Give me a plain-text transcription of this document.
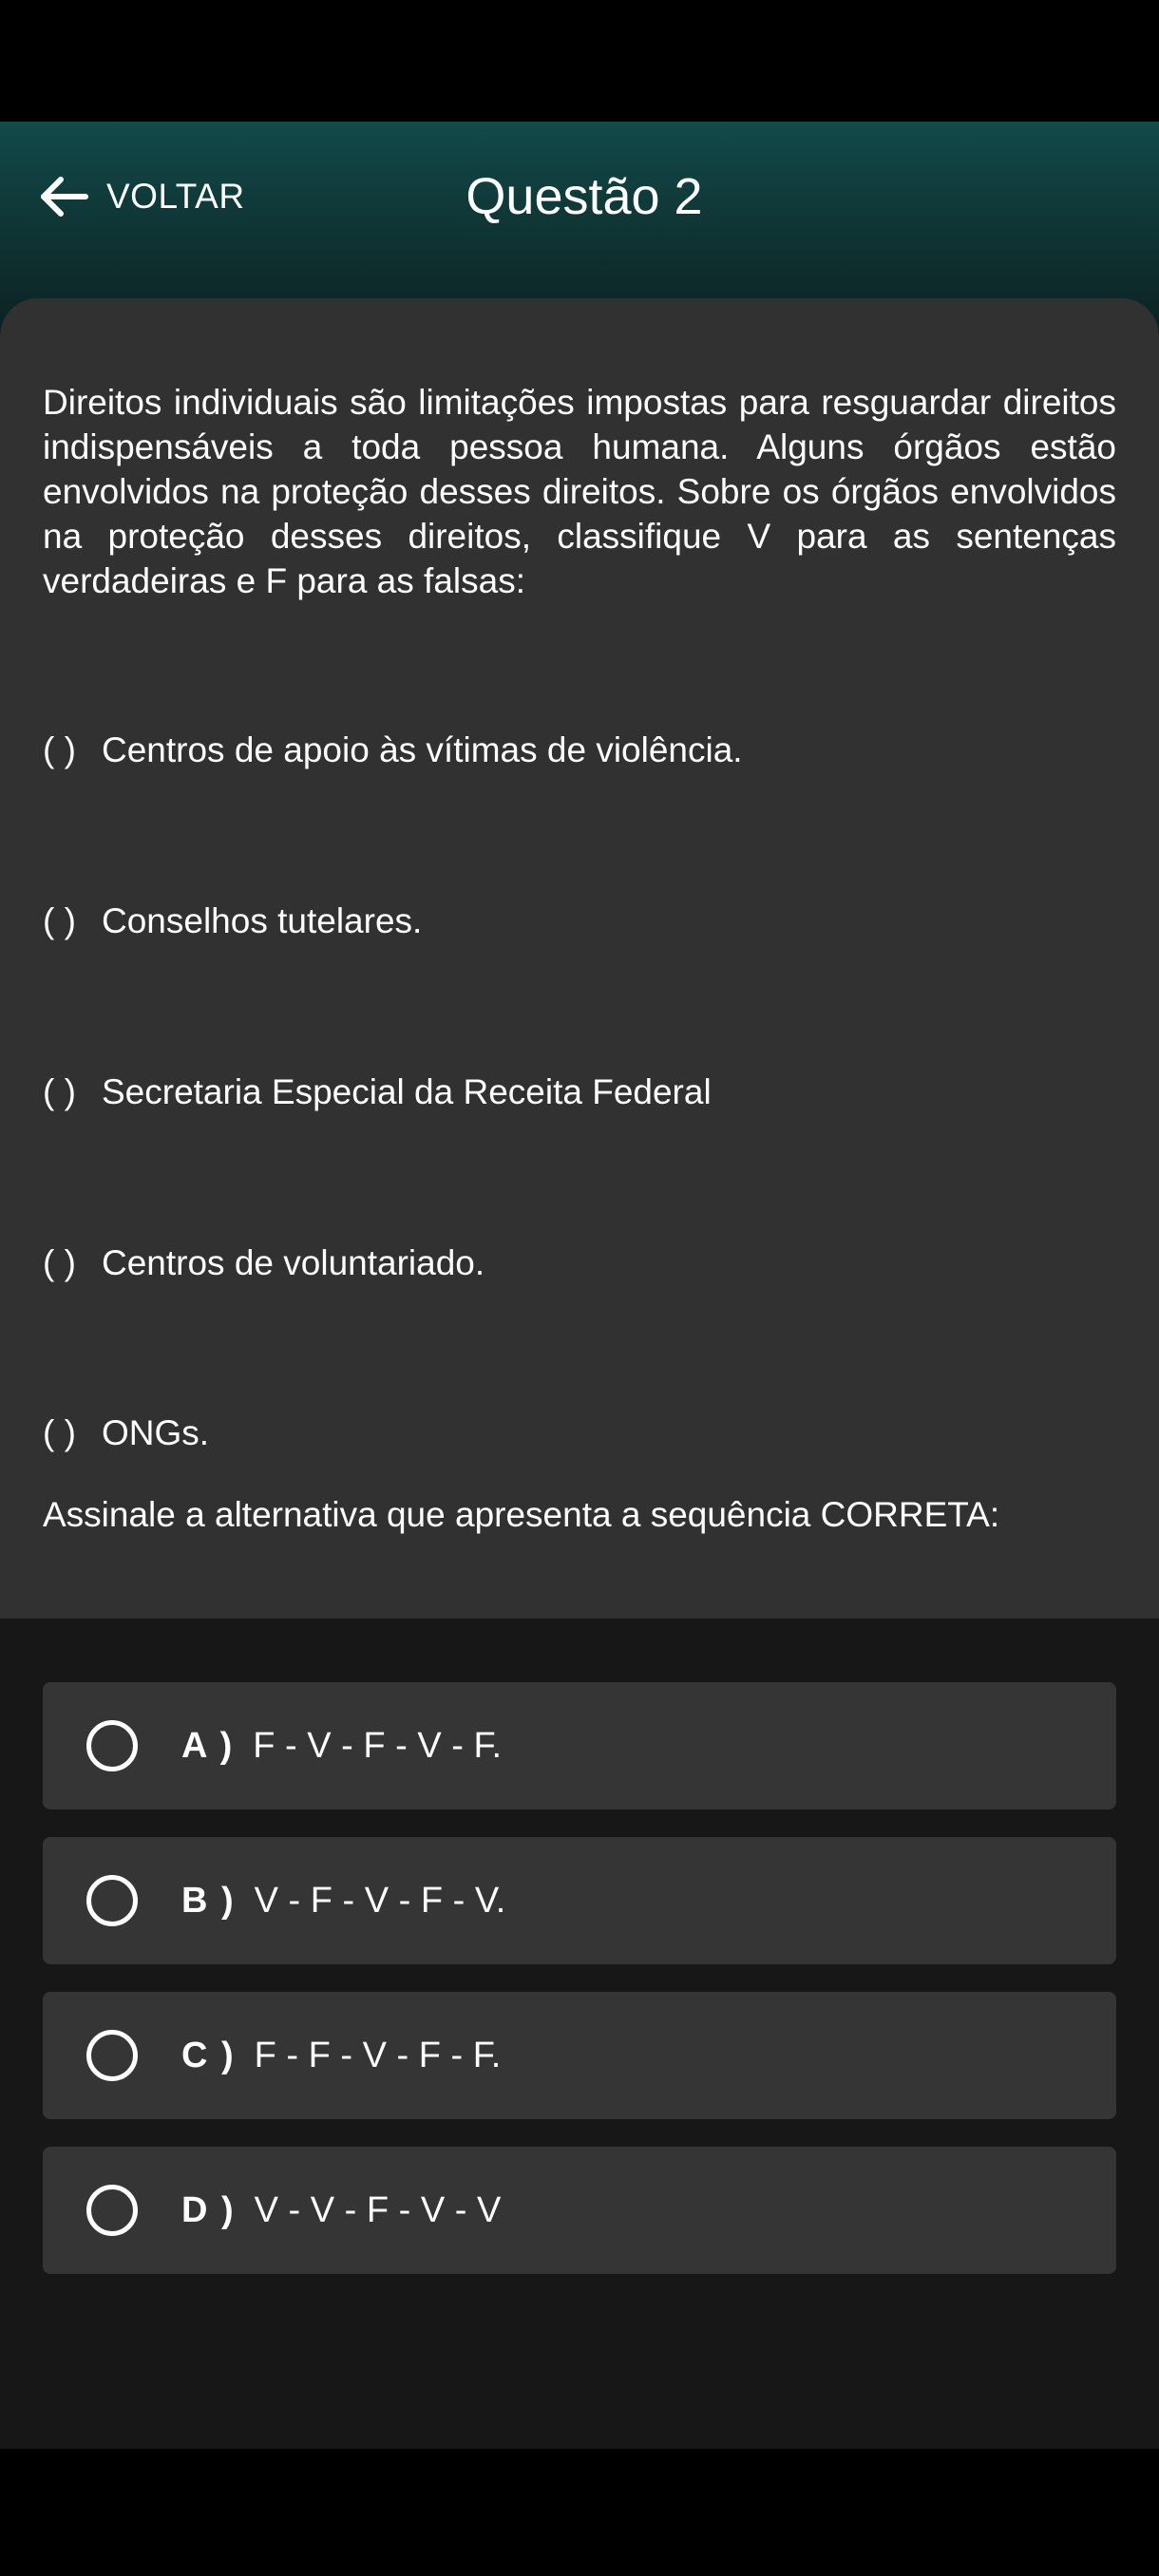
VOLTAR	Questão 2

Direitos individuais são limitações impostas para resguardar direitos indispensáveis a toda pessoa humana. Alguns órgãos estão envolvidos na proteção desses direitos. Sobre os órgãos envolvidos na proteção desses direitos, classifique V para as sentenças verdadeiras e F para as falsas:

( ) Centros de apoio às vítimas de violência.
( ) Conselhos tutelares.
( ) Secretaria Especial da Receita Federal
( ) Centros de voluntariado.
( ) ONGs.
Assinale a alternativa que apresenta a sequência CORRETA:
A ) F - V - F - V - F.
B ) V - F - V - F - V.
C ) F - F - V - F - F.
D ) V - V - F - V - V
